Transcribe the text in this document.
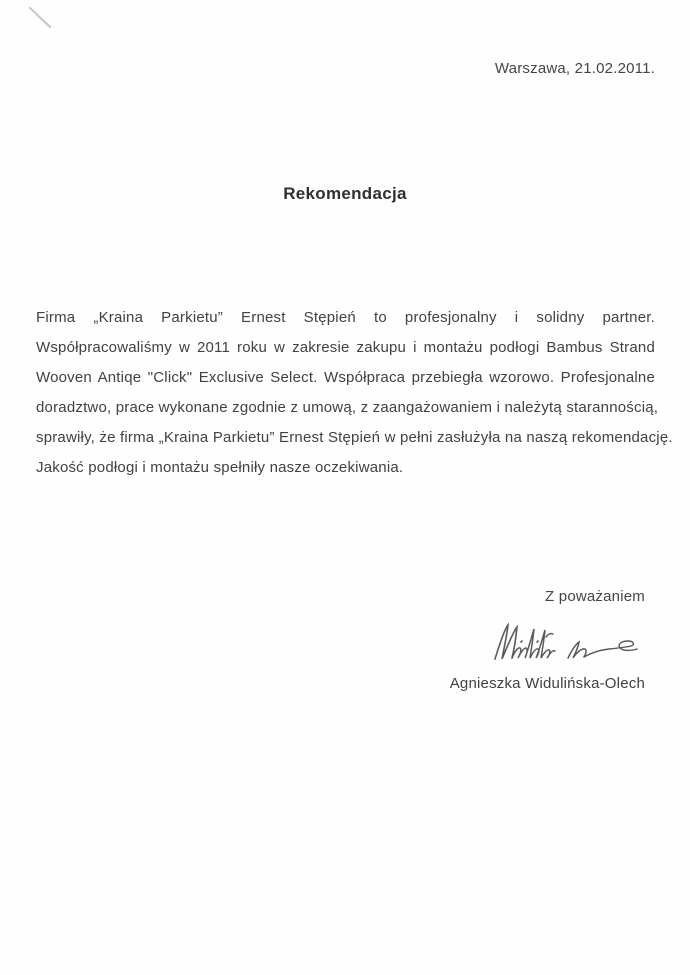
Warszawa, 21.02.2011.
Rekomendacja
Firma „Kraina Parkietu” Ernest Stępień to profesjonalny i solidny partner.
Współpracowaliśmy w 2011 roku w zakresie zakupu i montażu podłogi Bambus Strand
Wooven Antiqe "Click" Exclusive Select. Współpraca przebiegła wzorowo. Profesjonalne
doradztwo, prace wykonane zgodnie z umową, z zaangażowaniem i należytą starannością,
sprawiły, że firma „Kraina Parkietu” Ernest Stępień w pełni zasłużyła na naszą rekomendację.
Jakość podłogi i montażu spełniły nasze oczekiwania.
Z poważaniem
Agnieszka Widulińska-Olech
